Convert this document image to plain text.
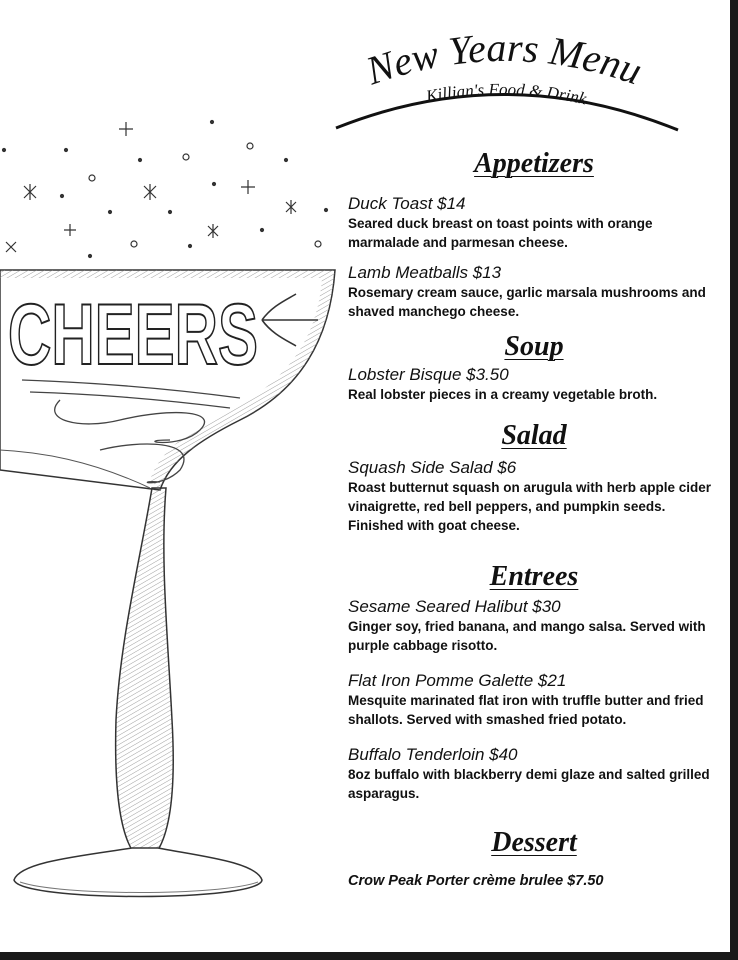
CHEERS
New Years Menu
Killian's Food & Drink
Appetizers
Duck Toast $14
Seared duck breast on toast points with orange marmalade and parmesan cheese.
Lamb Meatballs $13
Rosemary cream sauce, garlic marsala mushrooms and shaved manchego cheese.
Soup
Lobster Bisque $3.50
Real lobster pieces in a creamy vegetable broth.
Salad
Squash Side Salad $6
Roast butternut squash on arugula with herb apple cider vinaigrette, red bell peppers, and pumpkin seeds. Finished with goat cheese.
Entrees
Sesame Seared Halibut $30
Ginger soy, fried banana, and mango salsa. Served with purple cabbage risotto.
Flat Iron Pomme Galette $21
Mesquite marinated flat iron with truffle butter and fried shallots. Served with smashed fried potato.
Buffalo Tenderloin $40
8oz buffalo with blackberry demi glaze and salted grilled asparagus.
Dessert
Crow Peak Porter crème brulee $7.50
